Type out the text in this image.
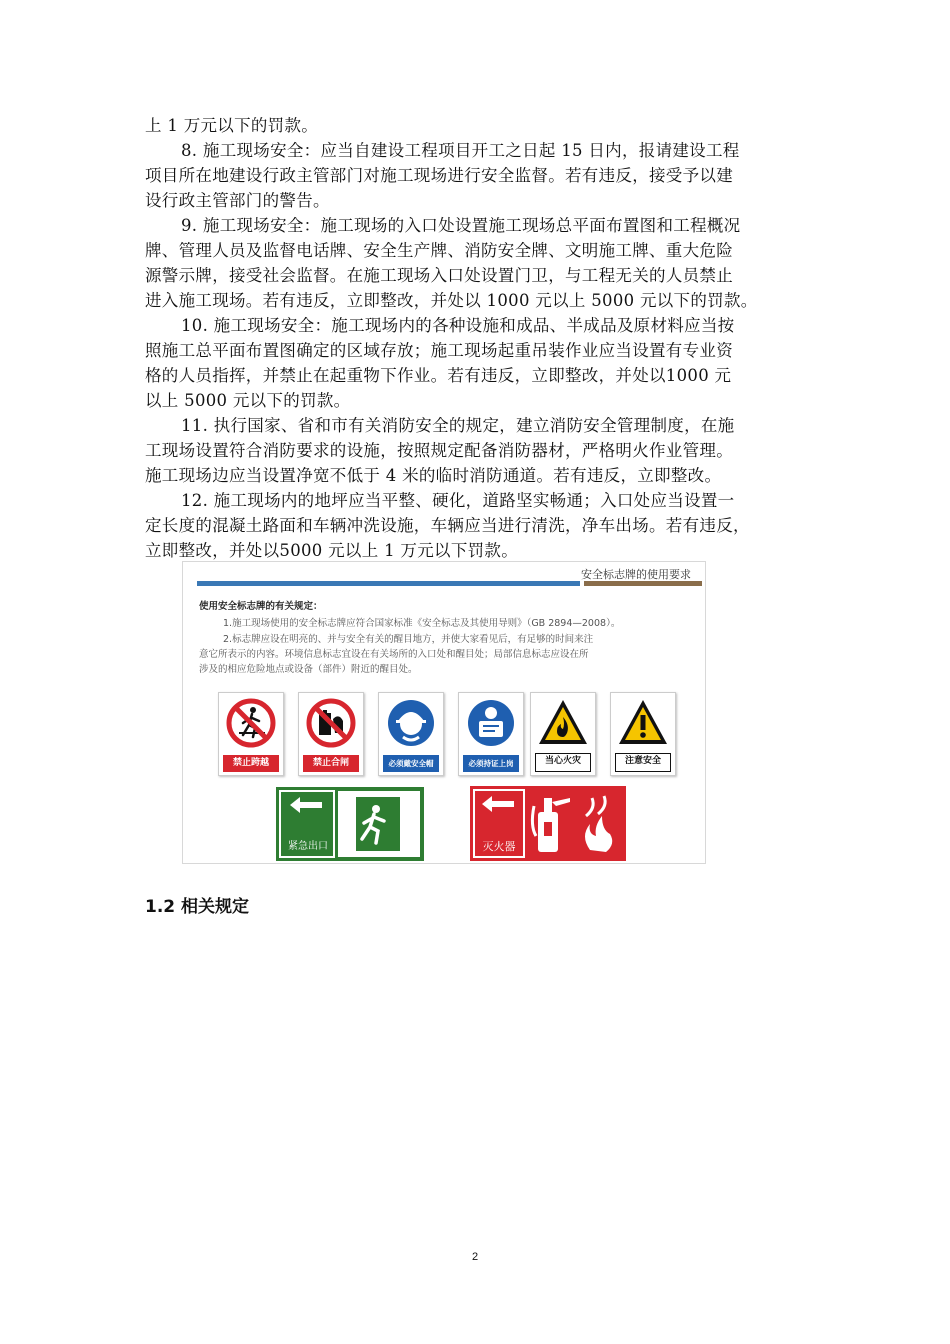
上 1 万元以下的罚款。
8. 施工现场安全：应当自建设工程项目开工之日起 15 日内，报请建设工程
项目所在地建设行政主管部门对施工现场进行安全监督。若有违反，接受予以建
设行政主管部门的警告。
9. 施工现场安全：施工现场的入口处设置施工现场总平面布置图和工程概况
牌、管理人员及监督电话牌、安全生产牌、消防安全牌、文明施工牌、重大危险
源警示牌，接受社会监督。在施工现场入口处设置门卫，与工程无关的人员禁止
进入施工现场。若有违反，立即整改，并处以 1000 元以上 5000 元以下的罚款。
10. 施工现场安全：施工现场内的各种设施和成品、半成品及原材料应当按
照施工总平面布置图确定的区域存放；施工现场起重吊装作业应当设置有专业资
格的人员指挥，并禁止在起重物下作业。若有违反，立即整改，并处以1000 元
以上 5000 元以下的罚款。
11. 执行国家、省和市有关消防安全的规定，建立消防安全管理制度，在施
工现场设置符合消防要求的设施，按照规定配备消防器材，严格明火作业管理。
施工现场边应当设置净宽不低于 4 米的临时消防通道。若有违反，立即整改。
12. 施工现场内的地坪应当平整、硬化，道路坚实畅通；入口处应当设置一
定长度的混凝土路面和车辆冲洗设施，车辆应当进行清洗，净车出场。若有违反，
立即整改，并处以5000 元以上 1 万元以下罚款。
安全标志牌的使用要求
使用安全标志牌的有关规定：
1.施工现场使用的安全标志牌应符合国家标准《安全标志及其使用导则》（GB 2894—2008）。
2.标志牌应设在明亮的、并与安全有关的醒目地方，并使大家看见后，有足够的时间来注
意它所表示的内容。环境信息标志宜设在有关场所的入口处和醒目处；局部信息标志应设在所
涉及的相应危险地点或设备（部件）附近的醒目处。
禁止跨越	禁止合闸	必须戴安全帽	必须持证上岗	当心火灾	注意安全
紧急出口	灭火器
1.2 相关规定
2
